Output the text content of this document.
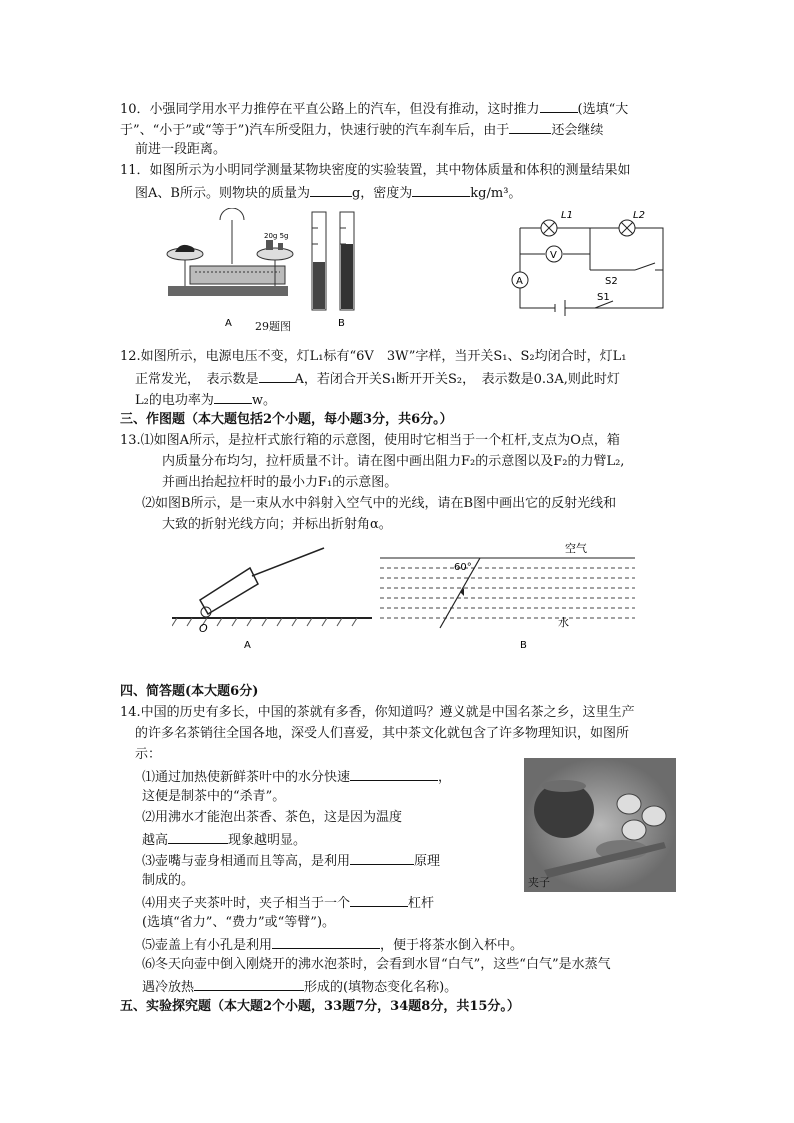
10．小强同学用水平力推停在平直公路上的汽车，但没有推动，这时推力	(选填“大
于”、“小于”或“等于”)汽车所受阻力，快速行驶的汽车刹车后，由于	还会继续
前进一段距离。
11．如图所示为小明同学测量某物块密度的实验装置，其中物体质量和体积的测量结果如
图A、B所示。则物块的质量为	g，密度为	kg/m³。
20g 5g
A	B
29题图
V
A
L1	L2
S2
S1
12.如图所示，电源电压不变，灯L₁标有“6V　3W”字样，当开关S₁、S₂均闭合时，灯L₁
正常发光，　表示数是	A，若闭合开关S₁断开开关S₂，　表示数是0.3A,则此时灯
L₂的电功率为	w。
三、作图题（本大题包括2个小题，每小题3分，共6分。）
13.⑴如图A所示，是拉杆式旅行箱的示意图，使用时它相当于一个杠杆,支点为O点，箱
内质量分布均匀，拉杆质量不计。请在图中画出阻力F₂的示意图以及F₂的力臂L₂,
并画出抬起拉杆时的最小力F₁的示意图。
⑵如图B所示，是一束从水中斜射入空气中的光线，请在B图中画出它的反射光线和
大致的折射光线方向；并标出折射角α。
O
A
60°
空气
水
B
四、简答题(本大题6分)
14.中国的历史有多长，中国的茶就有多香，你知道吗？遵义就是中国名茶之乡，这里生产
的许多名茶销往全国各地，深受人们喜爱，其中茶文化就包含了许多物理知识，如图所
示：
⑴通过加热使新鲜茶叶中的水分快速	，
这便是制茶中的“杀青”。
⑵用沸水才能泡出茶香、茶色，这是因为温度
越高	现象越明显。
⑶壶嘴与壶身相通而且等高，是利用	原理
制成的。
⑷用夹子夹茶叶时，夹子相当于一个	杠杆
(选填“省力”、“费力”或“等臂”)。
⑸壶盖上有小孔是利用	，便于将茶水倒入杯中。
⑹冬天向壶中倒入刚烧开的沸水泡茶时，会看到水冒“白气”，这些“白气”是水蒸气
遇冷放热	形成的(填物态变化名称)。
夹子
五、实验探究题（本大题2个小题，33题7分，34题8分，共15分。）
